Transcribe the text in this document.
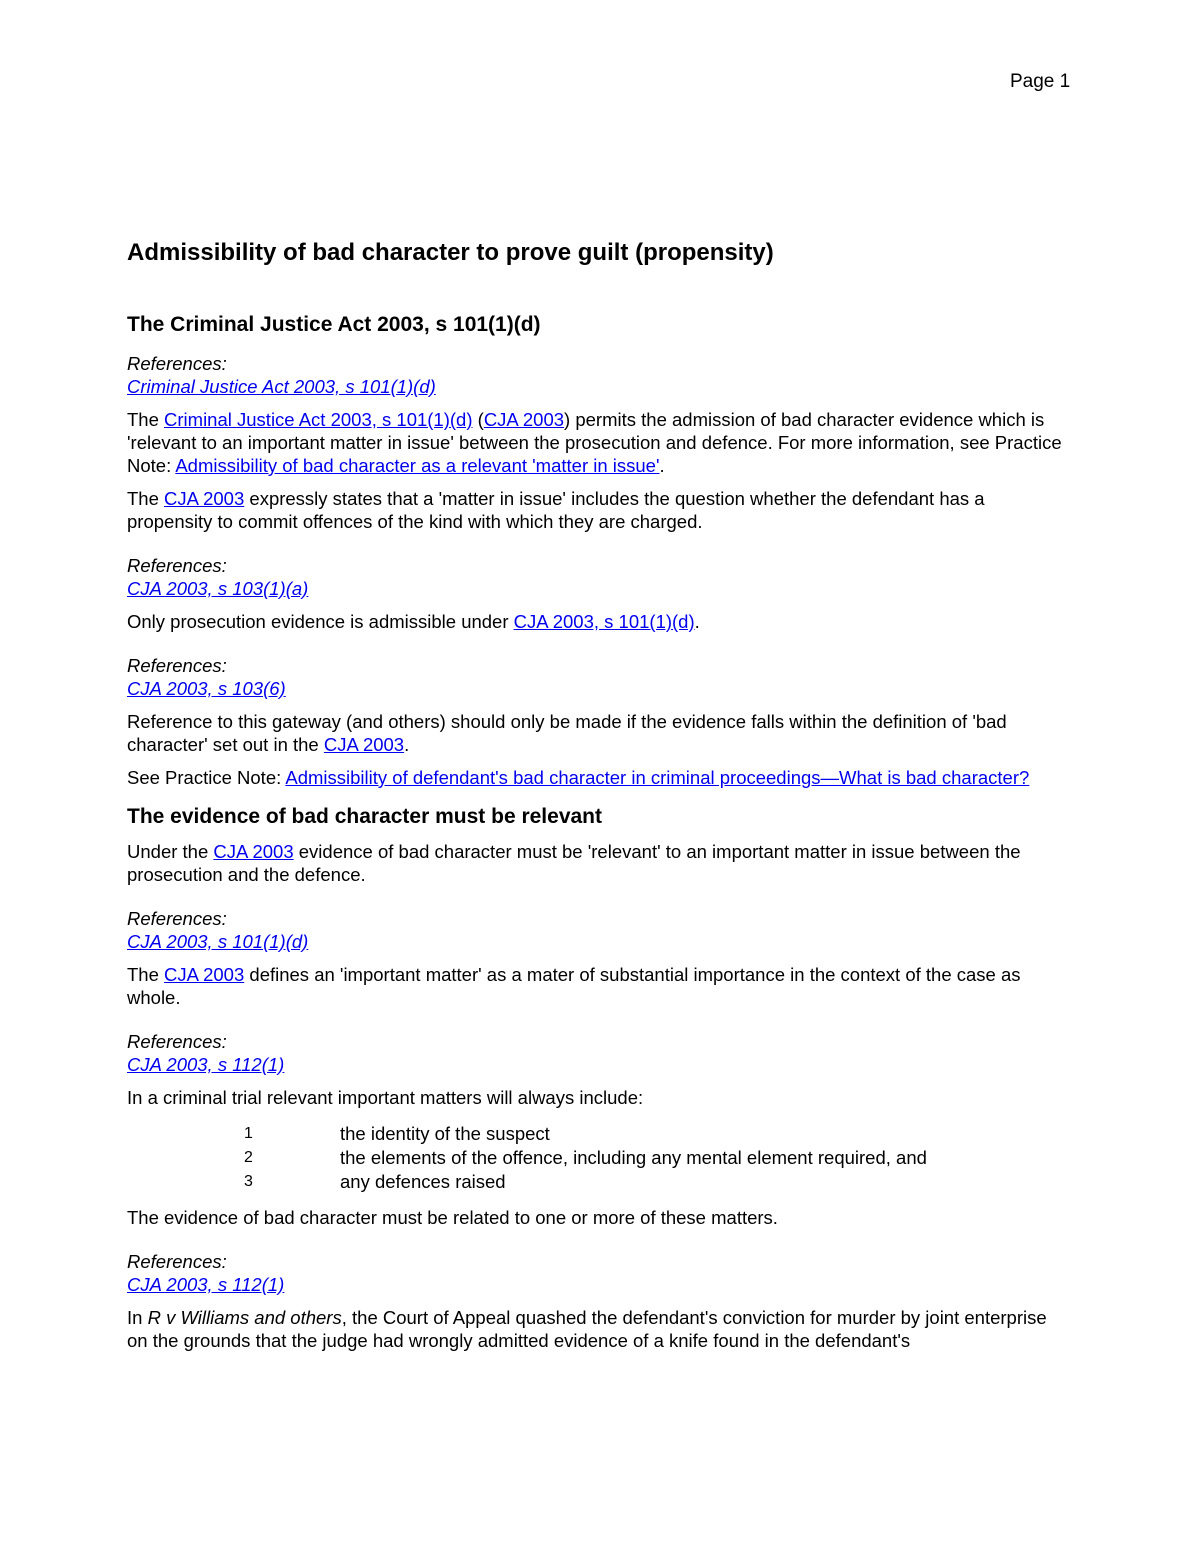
Page 1
Admissibility of bad character to prove guilt (propensity)
The Criminal Justice Act 2003, s 101(1)(d)
References:
Criminal Justice Act 2003, s 101(1)(d)

The Criminal Justice Act 2003, s 101(1)(d) (CJA 2003) permits the admission of bad character evidence which is 'relevant to an important matter in issue' between the prosecution and defence. For more information, see Practice Note: Admissibility of bad character as a relevant 'matter in issue'.

The CJA 2003 expressly states that a 'matter in issue' includes the question whether the defendant has a propensity to commit offences of the kind with which they are charged.

References:
CJA 2003, s 103(1)(a)

Only prosecution evidence is admissible under CJA 2003, s 101(1)(d).

References:
CJA 2003, s 103(6)

Reference to this gateway (and others) should only be made if the evidence falls within the definition of 'bad character' set out in the CJA 2003.

See Practice Note: Admissibility of defendant's bad character in criminal proceedings—What is bad character?

The evidence of bad character must be relevant

Under the CJA 2003 evidence of bad character must be 'relevant' to an important matter in issue between the prosecution and the defence.

References:
CJA 2003, s 101(1)(d)

The CJA 2003 defines an 'important matter' as a mater of substantial importance in the context of the case as whole.

References:
CJA 2003, s 112(1)

In a criminal trial relevant important matters will always include:

1	the identity of the suspect
2	the elements of the offence, including any mental element required, and
3	any defences raised

The evidence of bad character must be related to one or more of these matters.

References:
CJA 2003, s 112(1)

In R v Williams and others, the Court of Appeal quashed the defendant's conviction for murder by joint enterprise on the grounds that the judge had wrongly admitted evidence of a knife found in the defendant's
